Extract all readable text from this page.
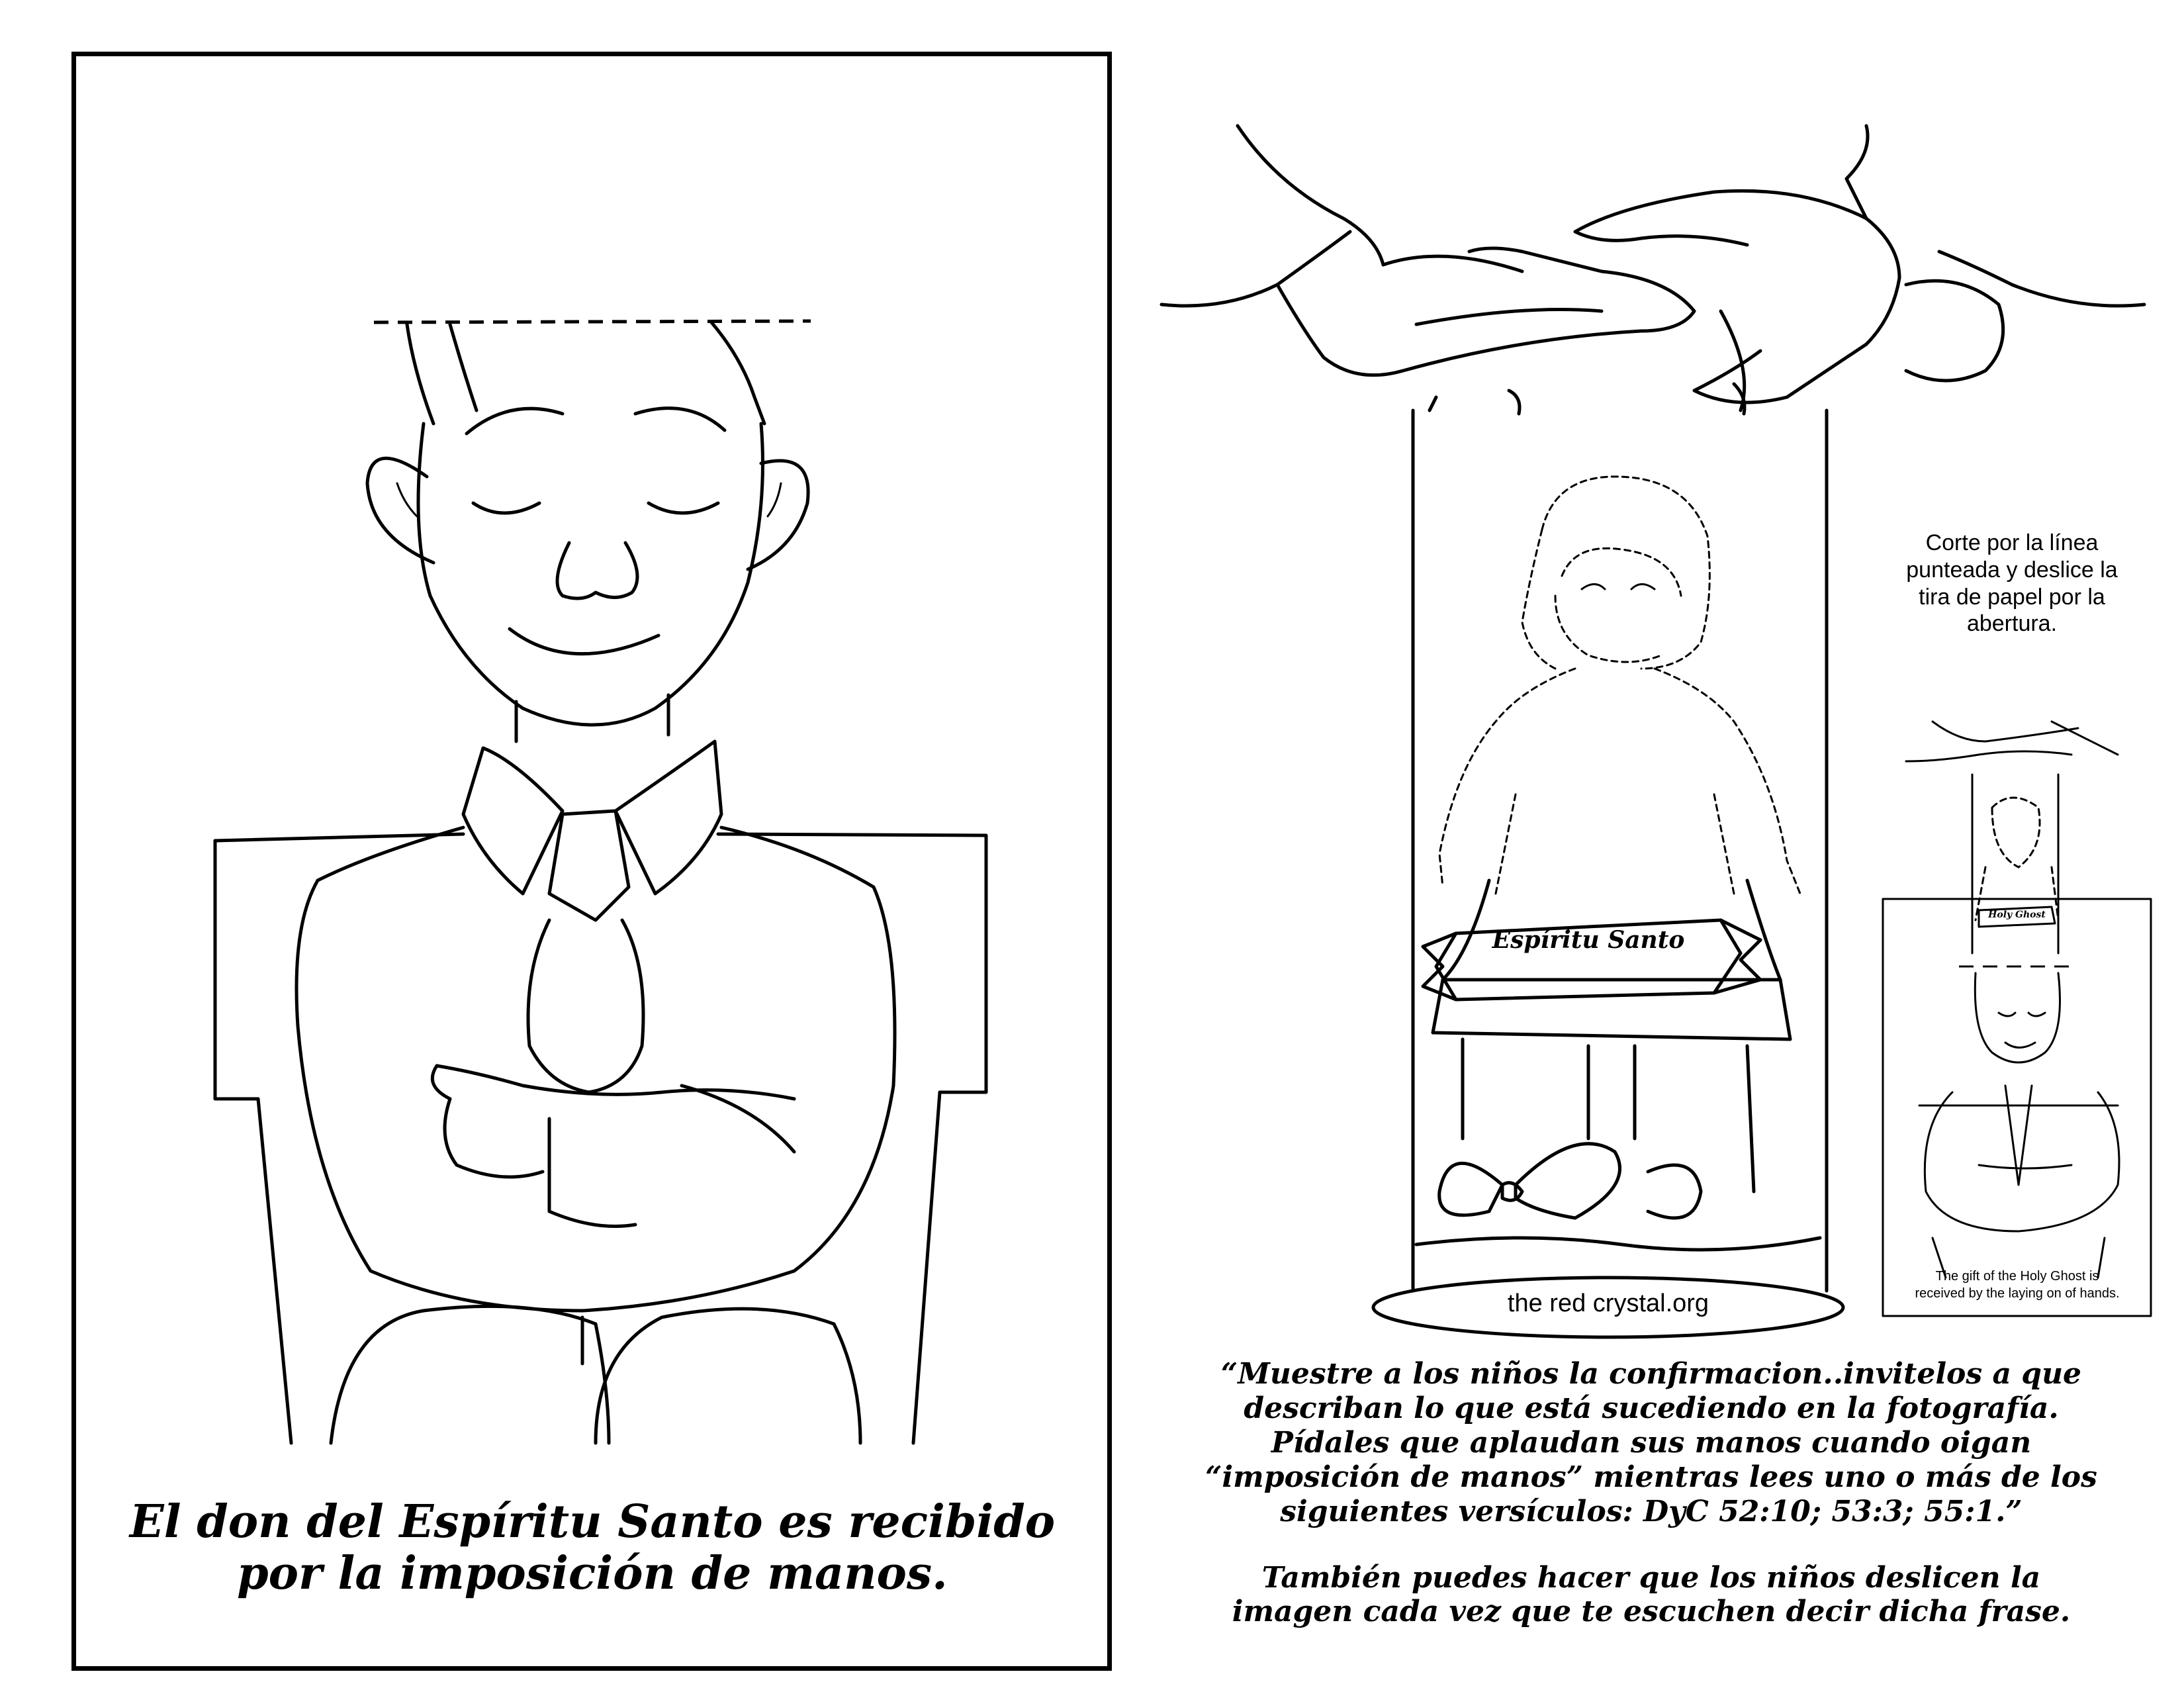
El don del Espíritu Santo es recibido
por la imposición de manos.
Espíritu Santo
the red crystal.org
Corte por la línea
punteada y deslice la
tira de papel por la
abertura.
Holy Ghost
The gift of the Holy Ghost is
received by the laying on of hands.
“Muestre a los niños la confirmacion..invitelos a que
describan lo que está sucediendo en la fotografía.
Pídales que aplaudan sus manos cuando oigan
“imposición de manos” mientras lees uno o más de los
siguientes versículos: DyC 52:10; 53:3; 55:1.”
También puedes hacer que los niños deslicen la
imagen cada vez que te escuchen decir dicha frase.
